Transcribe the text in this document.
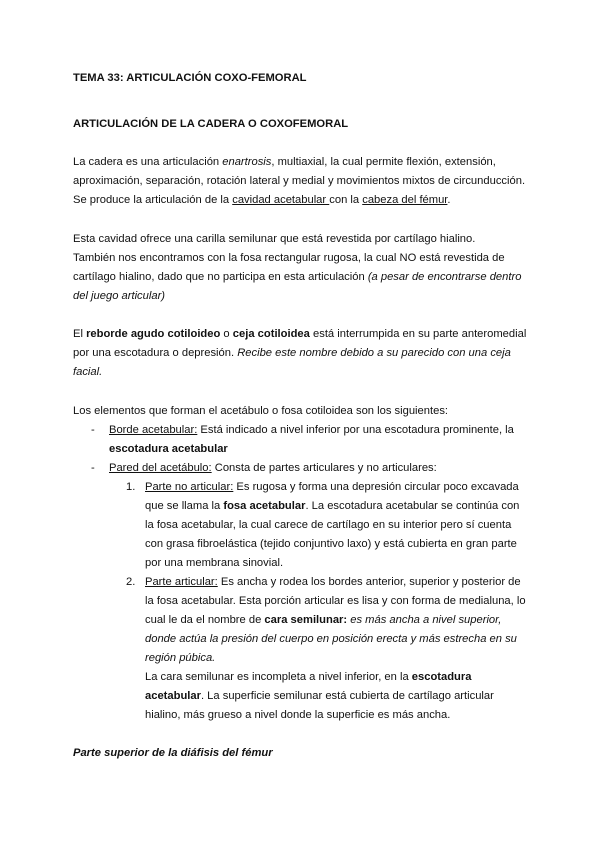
TEMA 33: ARTICULACIÓN COXO-FEMORAL
ARTICULACIÓN DE LA CADERA O COXOFEMORAL
La cadera es una articulación enartrosis, multiaxial, la cual permite flexión, extensión,
aproximación, separación, rotación lateral y medial y movimientos mixtos de circunducción.
Se produce la articulación de la cavidad acetabular con la cabeza del fémur.
Esta cavidad ofrece una carilla semilunar que está revestida por cartílago hialino.
También nos encontramos con la fosa rectangular rugosa, la cual NO está revestida de
cartílago hialino, dado que no participa en esta articulación (a pesar de encontrarse dentro
del juego articular)
El reborde agudo cotiloideo o ceja cotiloidea está interrumpida en su parte anteromedial
por una escotadura o depresión. Recibe este nombre debido a su parecido con una ceja
facial.
Los elementos que forman el acetábulo o fosa cotiloidea son los siguientes:
- Borde acetabular: Está indicado a nivel inferior por una escotadura prominente, la
escotadura acetabular
- Pared del acetábulo: Consta de partes articulares y no articulares:
1. Parte no articular: Es rugosa y forma una depresión circular poco excavada
que se llama la fosa acetabular. La escotadura acetabular se continúa con
la fosa acetabular, la cual carece de cartílago en su interior pero sí cuenta
con grasa fibroelástica (tejido conjuntivo laxo) y está cubierta en gran parte
por una membrana sinovial.
2. Parte articular: Es ancha y rodea los bordes anterior, superior y posterior de
la fosa acetabular. Esta porción articular es lisa y con forma de medialuna, lo
cual le da el nombre de cara semilunar: es más ancha a nivel superior,
donde actúa la presión del cuerpo en posición erecta y más estrecha en su
región púbica.
La cara semilunar es incompleta a nivel inferior, en la escotadura
acetabular. La superficie semilunar está cubierta de cartílago articular
hialino, más grueso a nivel donde la superficie es más ancha.
Parte superior de la diáfisis del fémur
